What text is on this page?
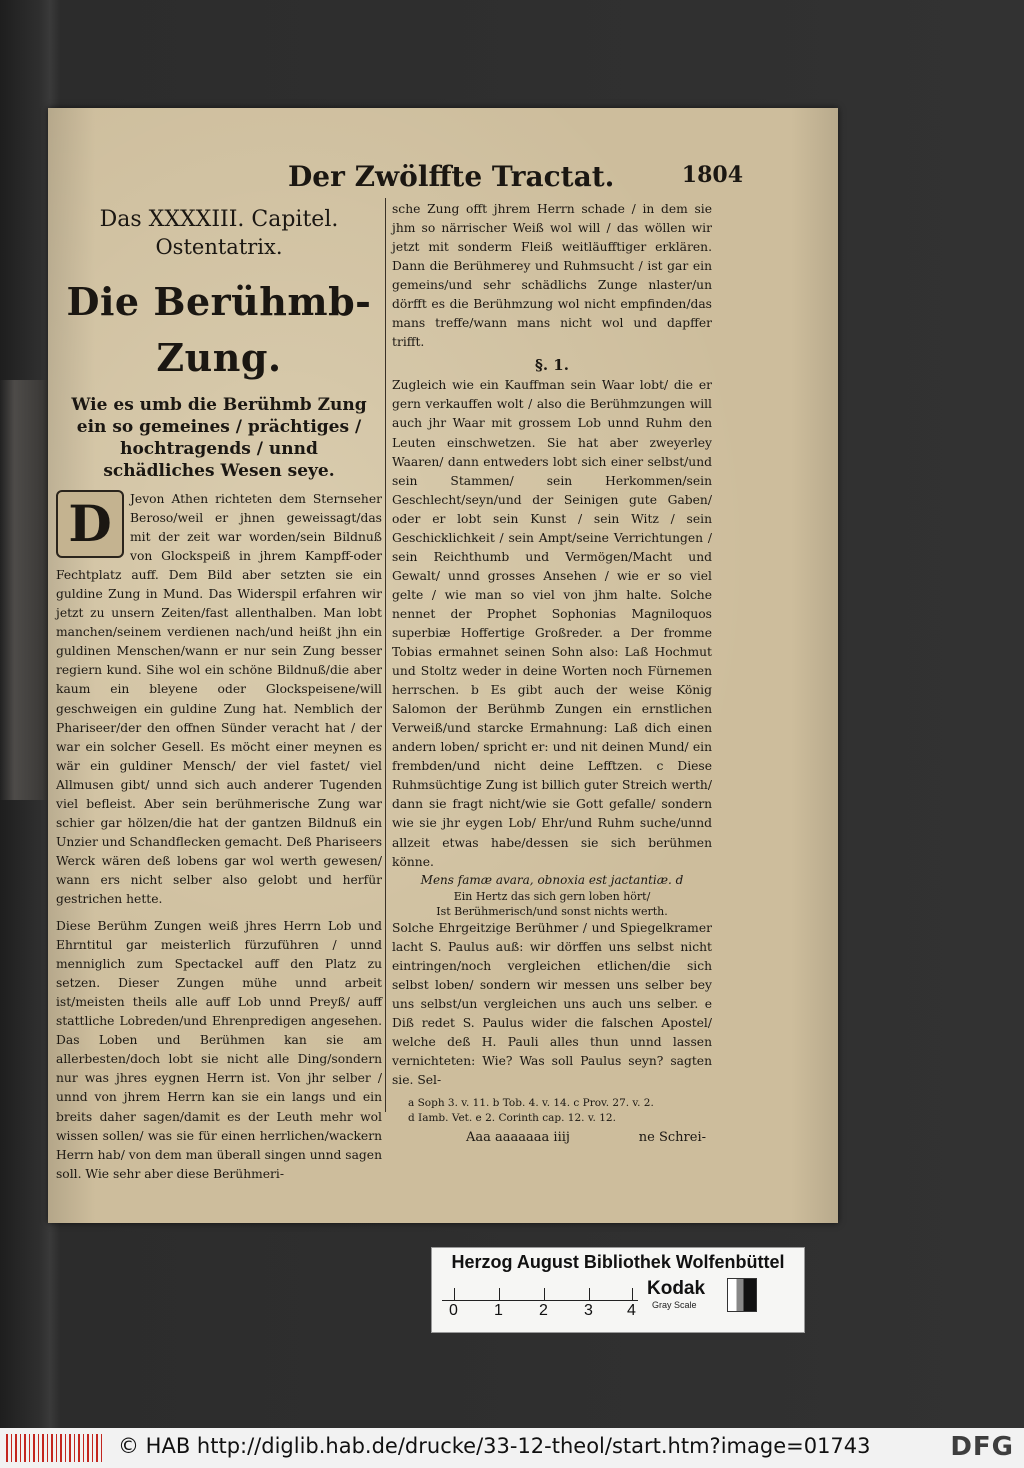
Der Zwölffte Tractat.	1804
Das XXXXIII. Capitel.
Ostentatrix.
Die Berühmb-Zung.
Wie es umb die Berühmb Zung ein so gemeines / prächtiges / hochtragends / unnd schädliches Wesen seye.
D	Jevon Athen richteten dem Sternseher Beroso/weil er jhnen geweissagt/das mit der zeit war worden/sein Bildnuß von Glockspeiß in jhrem Kampff-oder Fechtplatz auff. Dem Bild aber setzten sie ein guldine Zung in Mund. Das Widerspil erfahren wir jetzt zu unsern Zeiten/fast allenthalben. Man lobt manchen/seinem verdienen nach/und heißt jhn ein guldinen Menschen/wann er nur sein Zung besser regiern kund. Sihe wol ein schöne Bildnuß/die aber kaum ein bleyene oder Glockspeisene/will geschweigen ein guldine Zung hat. Nemblich der Phariseer/der den offnen Sünder veracht hat / der war ein solcher Gesell. Es möcht einer meynen es wär ein guldiner Mensch/ der viel fastet/ viel Allmusen gibt/ unnd sich auch anderer Tugenden viel befleist. Aber sein berühmerische Zung war schier gar hölzen/die hat der gantzen Bildnuß ein Unzier und Schandflecken gemacht. Deß Phariseers Werck wären deß lobens gar wol werth gewesen/ wann ers nicht selber also gelobt und herfür gestrichen hette.
Diese Berühm Zungen weiß jhres Herrn Lob und Ehrntitul gar meisterlich fürzuführen / unnd menniglich zum Spectackel auff den Platz zu setzen. Dieser Zungen mühe unnd arbeit ist/meisten theils alle auff Lob unnd Preyß/ auff stattliche Lobreden/und Ehrenpredigen angesehen. Das Loben und Berühmen kan sie am allerbesten/doch lobt sie nicht alle Ding/sondern nur was jhres eygnen Herrn ist. Von jhr selber / unnd von jhrem Herrn kan sie ein langs und ein breits daher sagen/damit es der Leuth mehr wol wissen sollen/ was sie für einen herrlichen/wackern Herrn hab/ von dem man überall singen unnd sagen soll. Wie sehr aber diese Berühmeri-
sche Zung offt jhrem Herrn schade / in dem sie jhm so närrischer Weiß wol will / das wöllen wir jetzt mit sonderm Fleiß weitläufftiger erklären. Dann die Berühmerey und Ruhmsucht / ist gar ein gemeins/und sehr schädlichs Zunge nlaster/un dörfft es die Berühmzung wol nicht empfinden/das mans treffe/wann mans nicht wol und dapffer trifft.
§. 1.
Zugleich wie ein Kauffman sein Waar lobt/ die er gern verkauffen wolt / also die Berühmzungen will auch jhr Waar mit grossem Lob unnd Ruhm den Leuten einschwetzen. Sie hat aber zweyerley Waaren/ dann entweders lobt sich einer selbst/und sein Stammen/ sein Herkommen/sein Geschlecht/seyn/und der Seinigen gute Gaben/ oder er lobt sein Kunst / sein Witz / sein Geschicklichkeit / sein Ampt/seine Verrichtungen / sein Reichthumb und Vermögen/Macht und Gewalt/ unnd grosses Ansehen / wie er so viel gelte / wie man so viel von jhm halte. Solche nennet der Prophet Sophonias Magniloquos superbiæ Hoffertige Großreder. a Der fromme Tobias ermahnet seinen Sohn also: Laß Hochmut und Stoltz weder in deine Worten noch Fürnemen herrschen. b Es gibt auch der weise König Salomon der Berühmb Zungen ein ernstlichen Verweiß/und starcke Ermahnung: Laß dich einen andern loben/ spricht er: und nit deinen Mund/ ein frembden/und nicht deine Lefftzen. c Diese Ruhmsüchtige Zung ist billich guter Streich werth/ dann sie fragt nicht/wie sie Gott gefalle/ sondern wie sie jhr eygen Lob/ Ehr/und Ruhm suche/unnd allzeit etwas habe/dessen sie sich berühmen könne.
Mens famæ avara, obnoxia est jactantiæ. d
Ein Hertz das sich gern loben hört/
Ist Berühmerisch/und sonst nichts werth.
Solche Ehrgeitzige Berühmer / und Spiegelkramer lacht S. Paulus auß: wir dörffen uns selbst nicht eintringen/noch vergleichen etlichen/die sich selbst loben/ sondern wir messen uns selber bey uns selbst/un vergleichen uns auch uns selber. e Diß redet S. Paulus wider die falschen Apostel/ welche deß H. Pauli alles thun unnd lassen vernichteten: Wie? Was soll Paulus seyn? sagten sie. Sel-
a Soph 3. v. 11. b Tob. 4. v. 14. c Prov. 27. v. 2.
d Iamb. Vet. e 2. Corinth cap. 12. v. 12.
Aaa aaaaaaa iiij	ne Schrei-
Herzog August Bibliothek Wolfenbüttel
0 1 2 3 4
Kodak
Gray Scale
© HAB http://diglib.hab.de/drucke/33-12-theol/start.htm?image=01743	DFG
